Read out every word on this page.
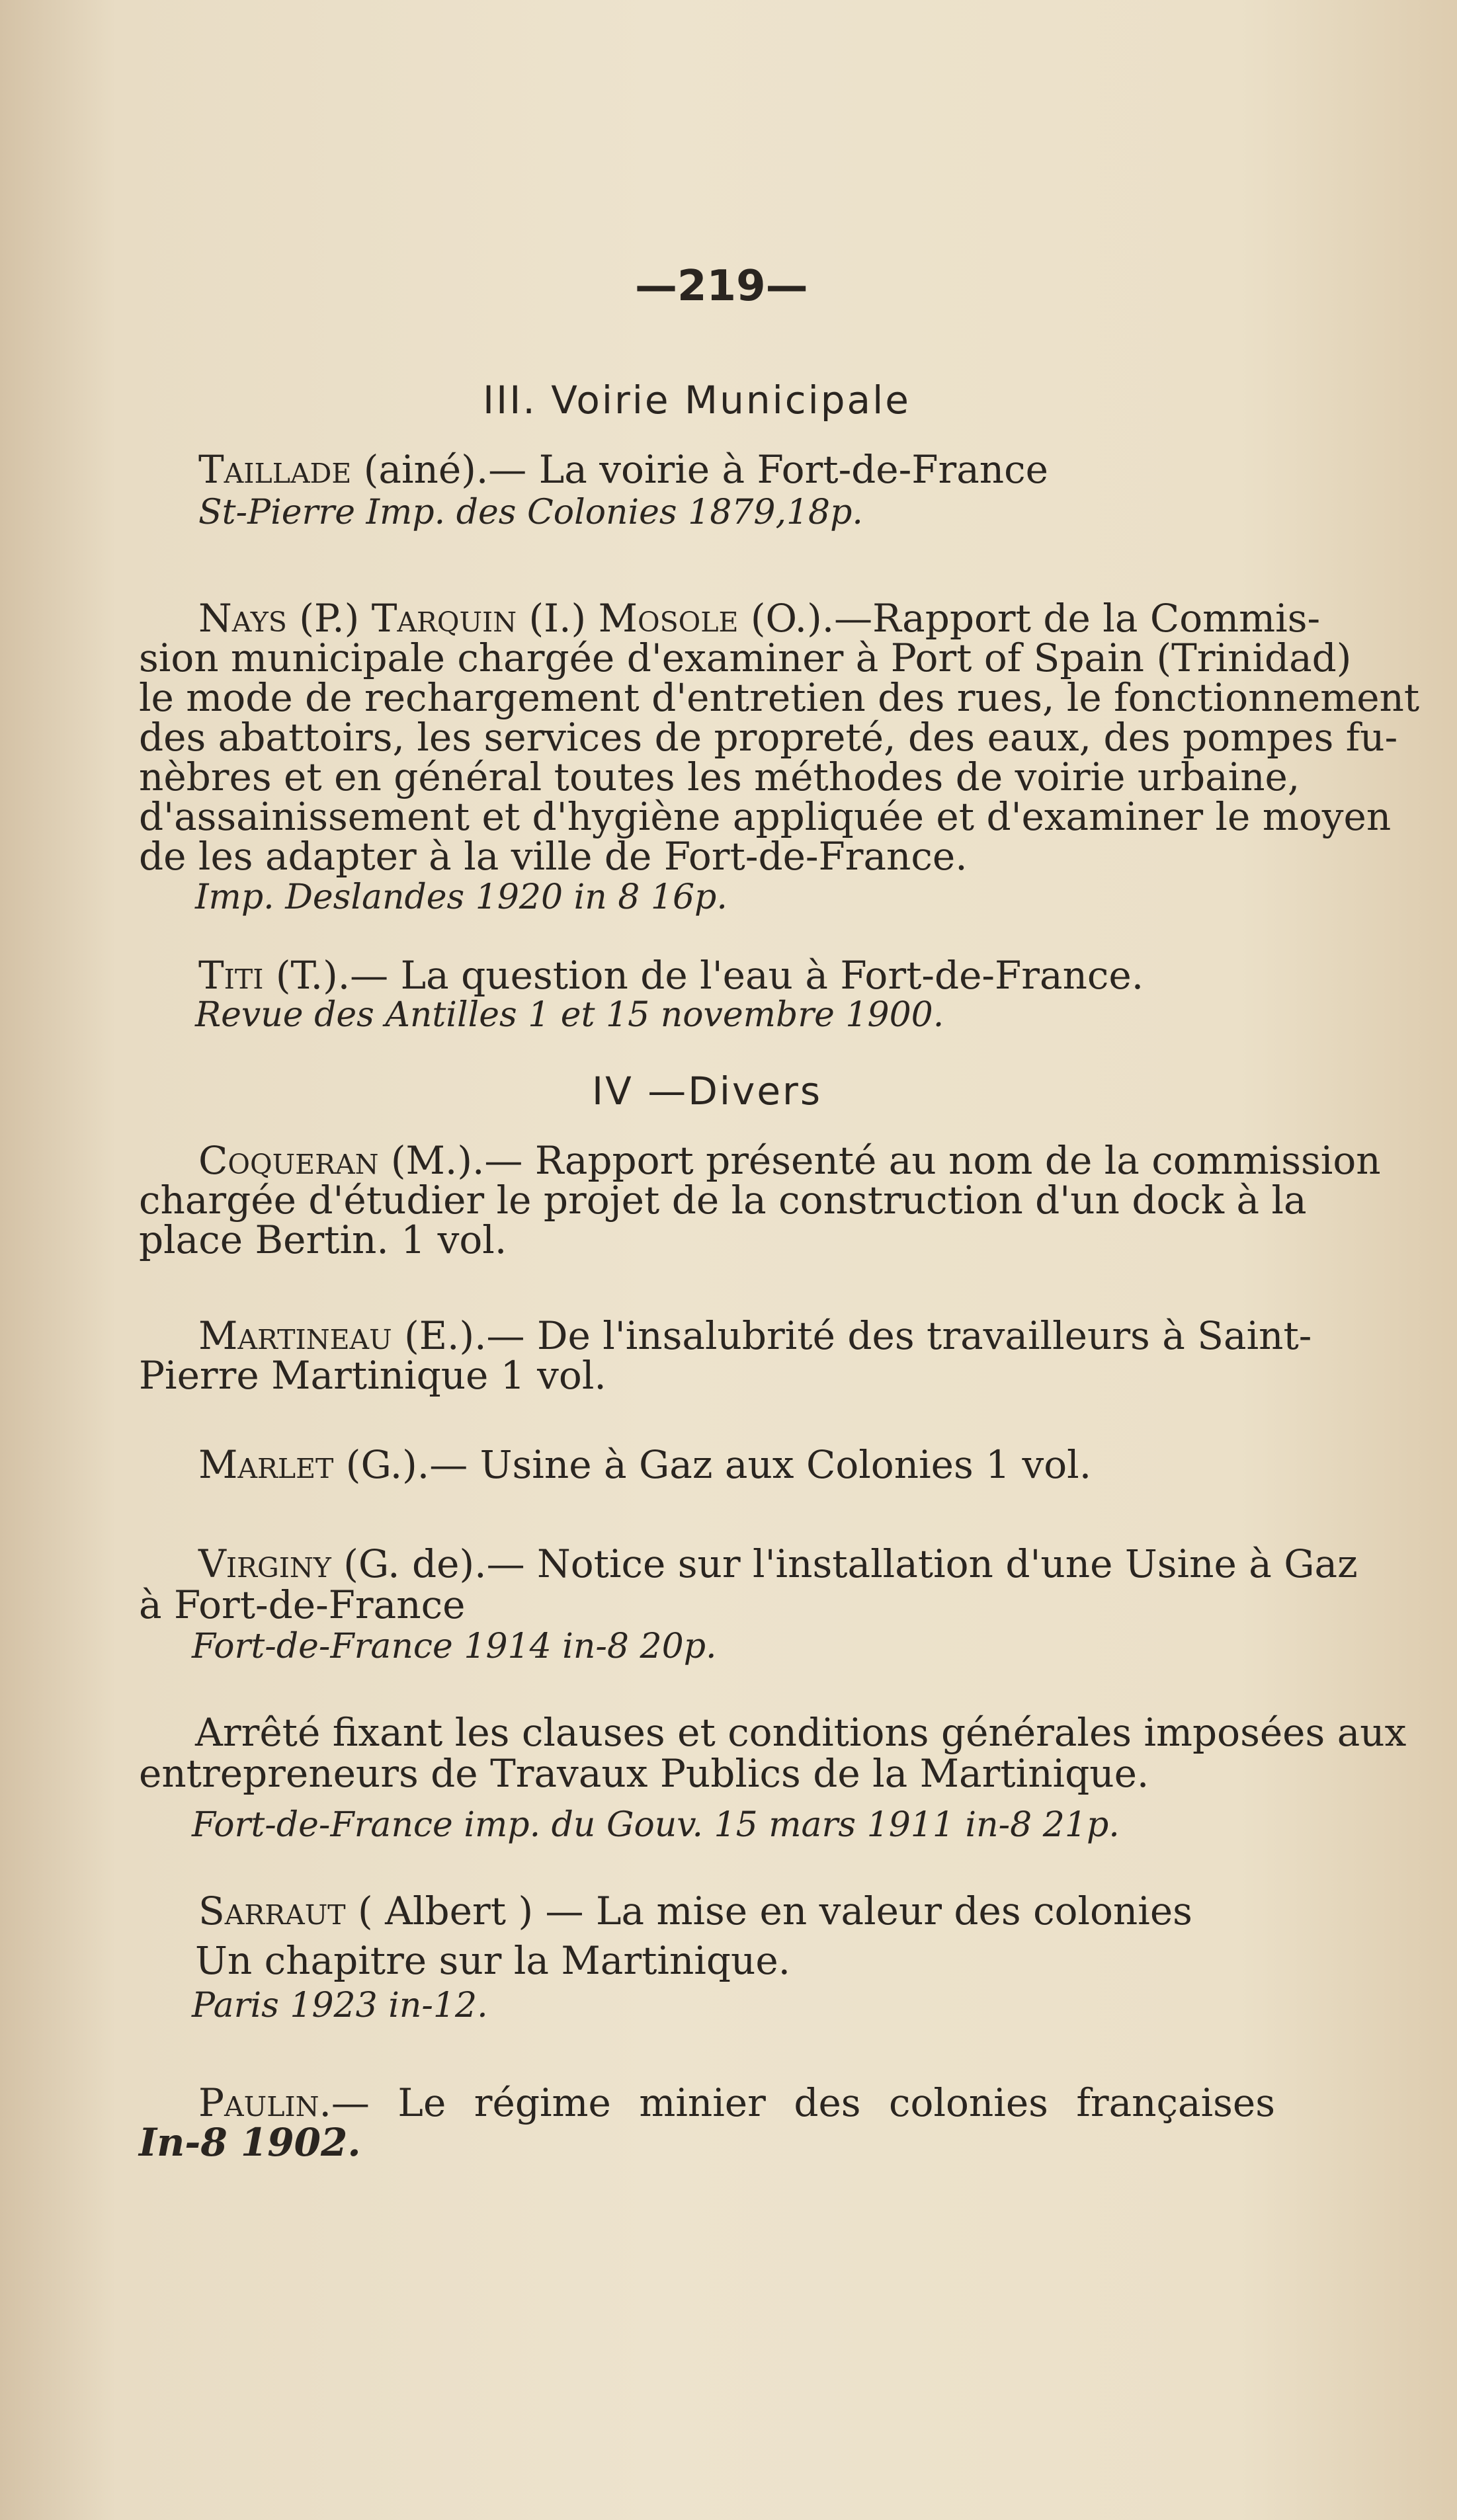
—219—
III. Voirie Municipale
Taillade (ainé).— La voirie à Fort-de-France
St-Pierre Imp. des Colonies 1879,18p.
Nays (P.) Tarquin (I.) Mosole (O.).—Rapport de la Commis-
sion municipale chargée d'examiner à Port of Spain (Trinidad)
le mode de rechargement d'entretien des rues, le fonctionnement
des abattoirs, les services de propreté, des eaux, des pompes fu-
nèbres et en général toutes les méthodes de voirie urbaine,
d'assainissement et d'hygiène appliquée et d'examiner le moyen
de les adapter à la ville de Fort-de-France.
Imp. Deslandes 1920 in 8 16p.
Titi (T.).— La question de l'eau à Fort-de-France.
Revue des Antilles 1 et 15 novembre 1900.
IV —Divers
Coqueran (M.).— Rapport présenté au nom de la commission
chargée d'étudier le projet de la construction d'un dock à la
place Bertin. 1 vol.
Martineau (E.).— De l'insalubrité des travailleurs à Saint-
Pierre Martinique 1 vol.
Marlet (G.).— Usine à Gaz aux Colonies 1 vol.
Virginy (G. de).— Notice sur l'installation d'une Usine à Gaz
à Fort-de-France
Fort-de-France 1914 in-8 20p.
Arrêté fixant les clauses et conditions générales imposées aux
entrepreneurs de Travaux Publics de la Martinique.
Fort-de-France imp. du Gouv. 15 mars 1911 in-8 21p.
Sarraut ( Albert ) — La mise en valeur des colonies
Un chapitre sur la Martinique.
Paris 1923 in-12.
Paulin.— Le régime minier des colonies françaises
In-8 1902.
